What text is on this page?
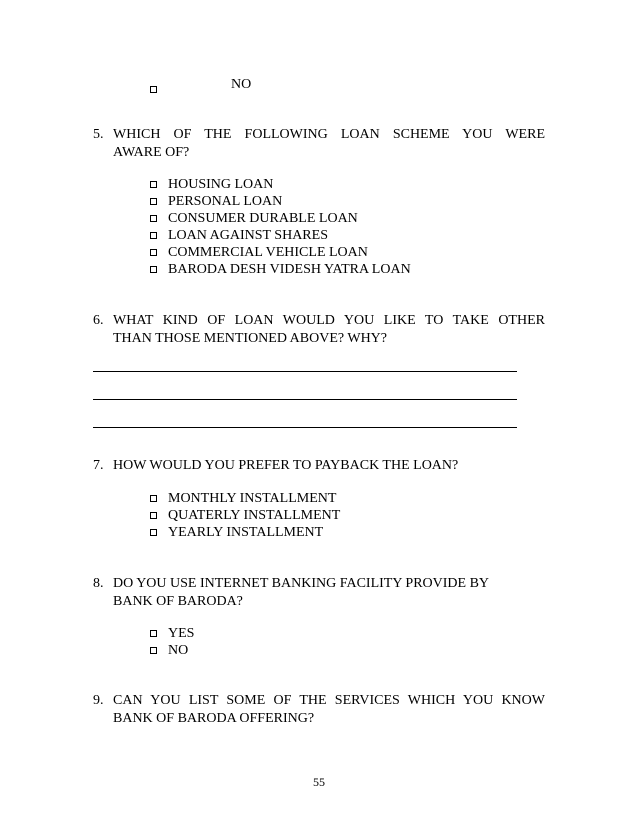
NO
5. WHICH OF THE FOLLOWING LOAN SCHEME YOU WERE
AWARE OF?
HOUSING LOAN
PERSONAL LOAN
CONSUMER DURABLE LOAN
LOAN AGAINST SHARES
COMMERCIAL VEHICLE LOAN
BARODA DESH VIDESH YATRA LOAN
6. WHAT KIND OF LOAN WOULD YOU LIKE TO TAKE OTHER
THAN THOSE MENTIONED ABOVE? WHY?
7. HOW WOULD YOU PREFER TO PAYBACK THE LOAN?
MONTHLY INSTALLMENT
QUATERLY INSTALLMENT
YEARLY INSTALLMENT
8. DO YOU USE INTERNET BANKING FACILITY PROVIDE BY
BANK OF BARODA?
YES
NO
9. CAN YOU LIST SOME OF THE SERVICES WHICH YOU KNOW
BANK OF BARODA OFFERING?
55
